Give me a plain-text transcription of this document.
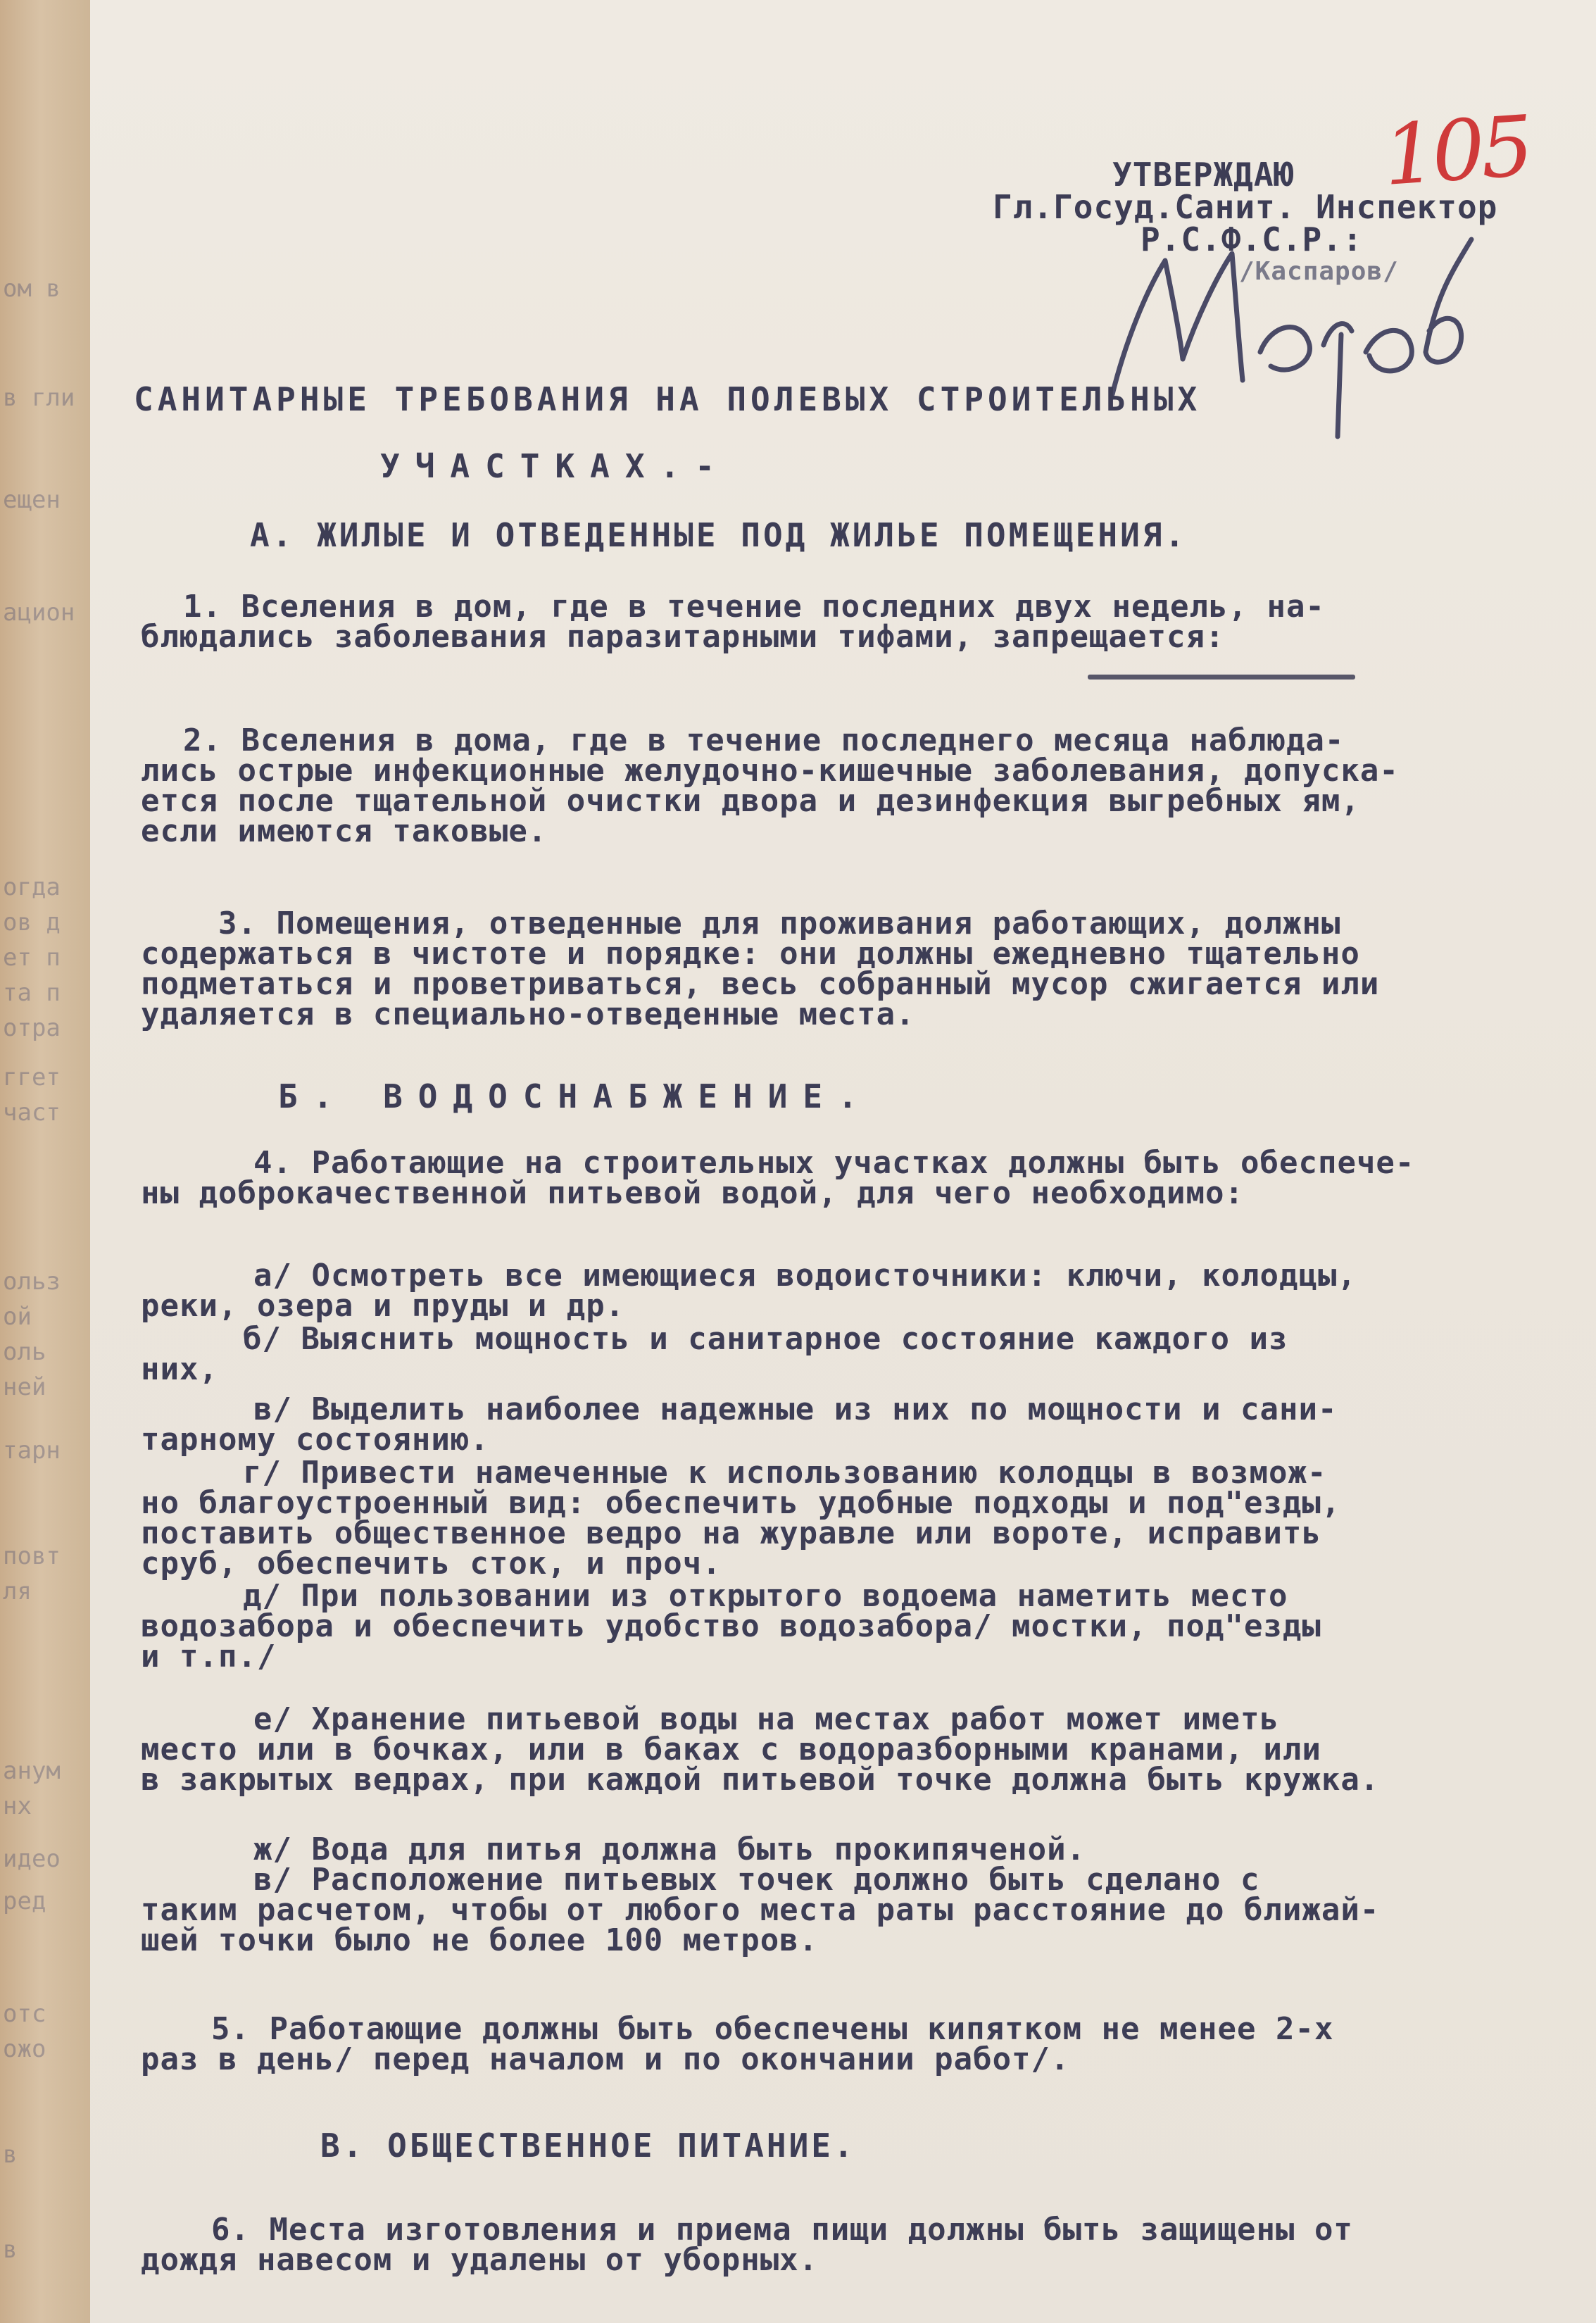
ом в
в гли
ещен
ацион
огда
ов д
ет п
та п
отра
ггет
част
ольз
ой
оль
ней
тарн
повт
ля
анум
нх
идео
ред
отс
ожо
в
в
105
УТВЕРЖДАЮ
Гл.Госуд.Санит. Инспектор
Р.С.Ф.С.Р.:
/Каспаров/
САНИТАРНЫЕ ТРЕБОВАНИЯ НА ПОЛЕВЫХ СТРОИТЕЛЬНЫХ
УЧАСТКАХ.-
А. ЖИЛЫЕ И ОТВЕДЕННЫЕ ПОД ЖИЛЬЕ ПОМЕЩЕНИЯ.
1. Вселения в дом, где в течение последних двух недель, на-
блюдались заболевания паразитарными тифами, запрещается:
2. Вселения в дома, где в течение последнего месяца наблюда-
лись острые инфекционные желудочно-кишечные заболевания, допуска-
ется после тщательной очистки двора и дезинфекция выгребных ям,
если имеются таковые.
3. Помещения, отведенные для проживания работающих, должны
содержаться в чистоте и порядке: они должны ежедневно тщательно
подметаться и проветриваться, весь собранный мусор сжигается или
удаляется в специально-отведенные места.
Б. ВОДОСНАБЖЕНИЕ.
4. Работающие на строительных участках должны быть обеспече-
ны доброкачественной питьевой водой, для чего необходимо:
а/ Осмотреть все имеющиеся водоисточники: ключи, колодцы,
реки, озера и пруды и др.
б/ Выяснить мощность и санитарное состояние каждого из
них,
в/ Выделить наиболее надежные из них по мощности и сани-
тарному состоянию.
г/ Привести намеченные к использованию колодцы в возмож-
но благоустроенный вид: обеспечить удобные подходы и под"езды,
поставить общественное ведро на журавле или вороте, исправить
сруб, обеспечить сток, и проч.
д/ При пользовании из открытого водоема наметить место
водозабора и обеспечить удобство водозабора/ мостки, под"езды
и т.п./
е/ Хранение питьевой воды на местах работ может иметь
место или в бочках, или в баках с водоразборными кранами, или
в закрытых ведрах, при каждой питьевой точке должна быть кружка.
ж/ Вода для питья должна быть прокипяченой.
в/ Расположение питьевых точек должно быть сделано с
таким расчетом, чтобы от любого места раты расстояние до ближай-
шей точки было не более 100 метров.
5. Работающие должны быть обеспечены кипятком не менее 2-х
раз в день/ перед началом и по окончании работ/.
В. ОБЩЕСТВЕННОЕ ПИТАНИЕ.
6. Места изготовления и приема пищи должны быть защищены от
дождя навесом и удалены от уборных.
